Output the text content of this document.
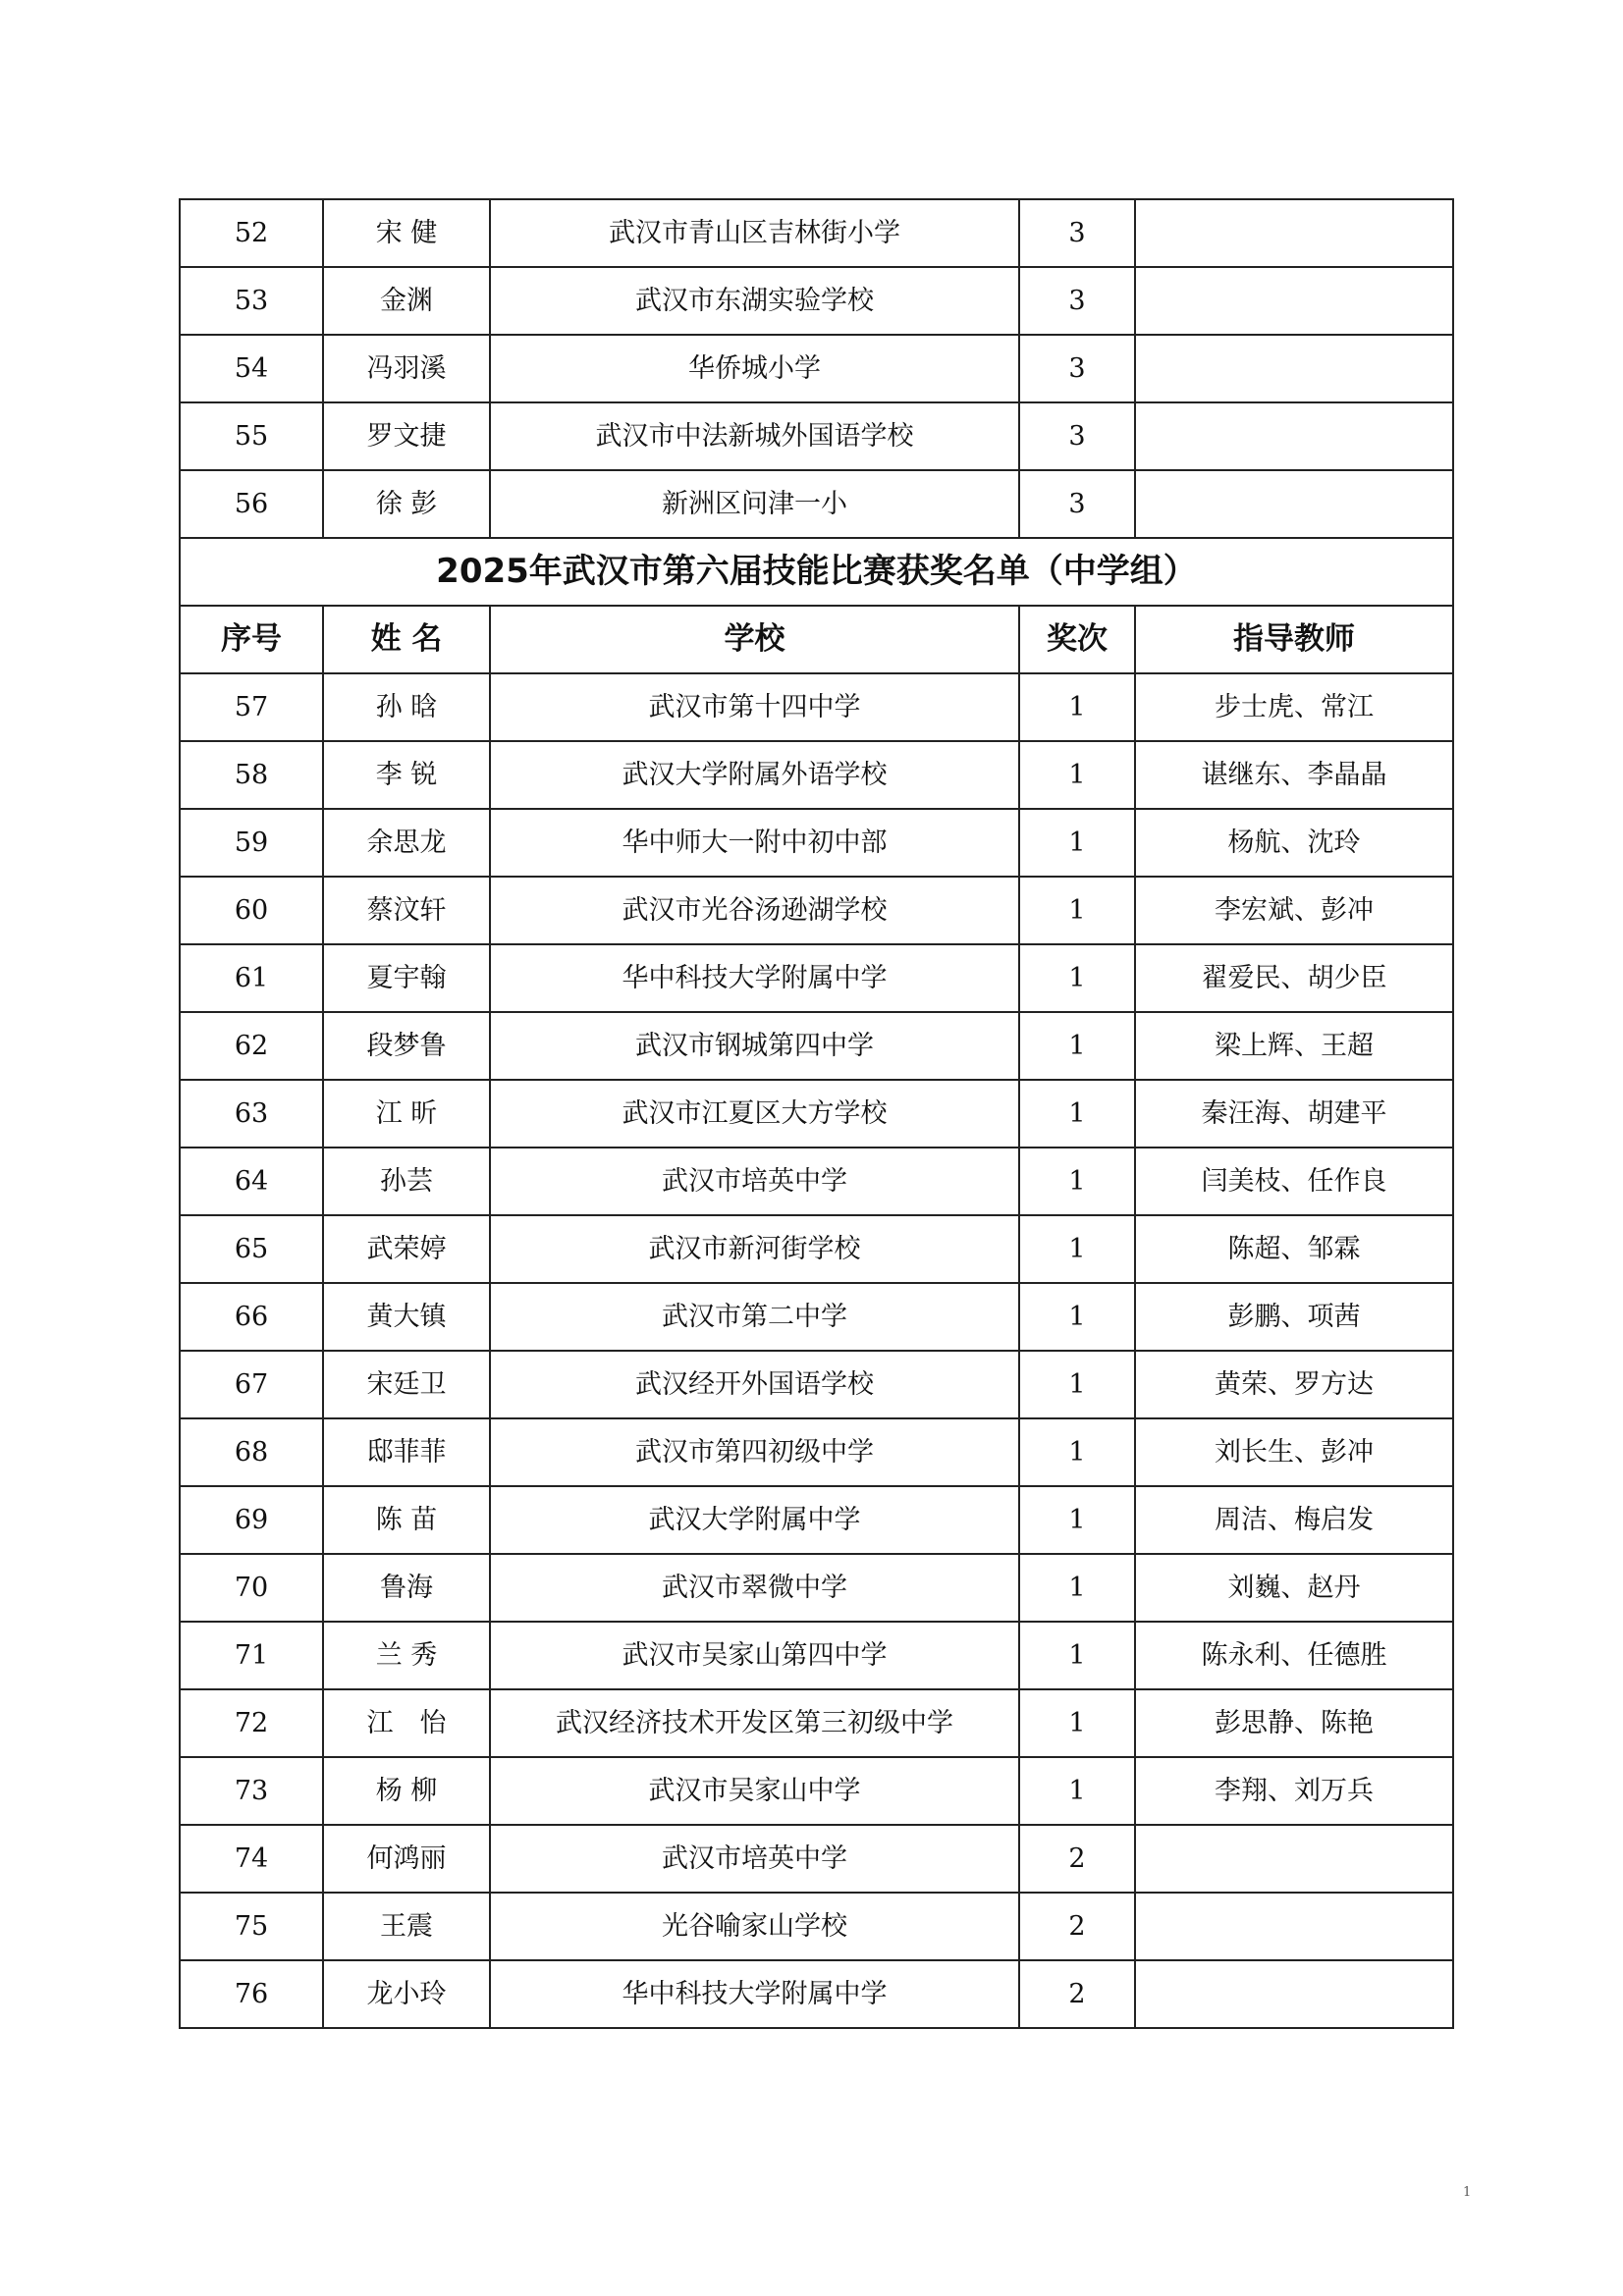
52	宋 健	武汉市青山区吉林街小学	3	
53	金渊	武汉市东湖实验学校	3	
54	冯羽溪	华侨城小学	3	
55	罗文捷	武汉市中法新城外国语学校	3	
56	徐 彭	新洲区问津一小	3	
2025年武汉市第六届技能比赛获奖名单（中学组）				
序号	姓 名	学校	奖次	指导教师
57	孙 晗	武汉市第十四中学	1	步士虎、常江
58	李 锐	武汉大学附属外语学校	1	谌继东、李晶晶
59	余思龙	华中师大一附中初中部	1	杨航、沈玲
60	蔡汶轩	武汉市光谷汤逊湖学校	1	李宏斌、彭冲
61	夏宇翰	华中科技大学附属中学	1	翟爱民、胡少臣
62	段梦鲁	武汉市钢城第四中学	1	梁上辉、王超
63	江 昕	武汉市江夏区大方学校	1	秦汪海、胡建平
64	孙芸	武汉市培英中学	1	闫美枝、任作良
65	武荣婷	武汉市新河街学校	1	陈超、邹霖
66	黄大镇	武汉市第二中学	1	彭鹏、项茜
67	宋廷卫	武汉经开外国语学校	1	黄荣、罗方达
68	邸菲菲	武汉市第四初级中学	1	刘长生、彭冲
69	陈 苗	武汉大学附属中学	1	周洁、梅启发
70	鲁海	武汉市翠微中学	1	刘巍、赵丹
71	兰 秀	武汉市吴家山第四中学	1	陈永利、任德胜
72	江　怡	武汉经济技术开发区第三初级中学	1	彭思静、陈艳
73	杨 柳	武汉市吴家山中学	1	李翔、刘万兵
74	何鸿丽	武汉市培英中学	2	
75	王震	光谷喻家山学校	2	
76	龙小玲	华中科技大学附属中学	2	
1
